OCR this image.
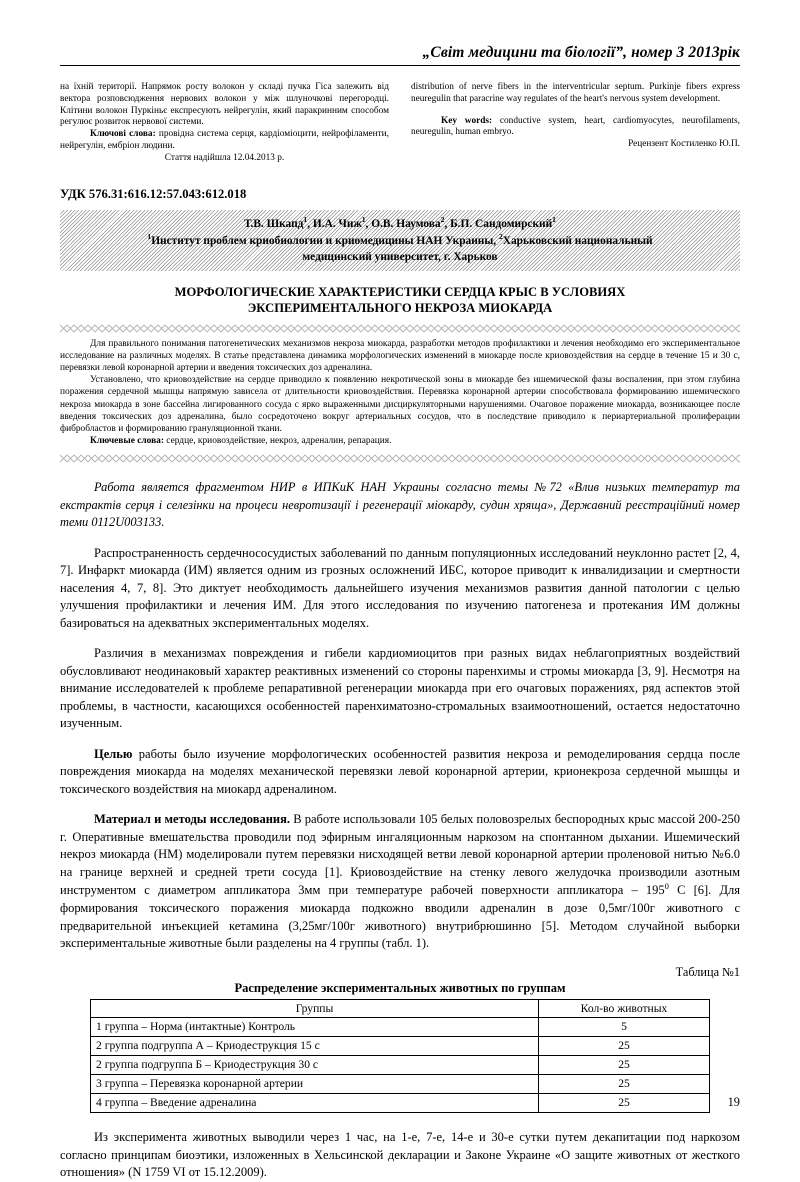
„Світ медицини та біології”, номер 3 2013рік

на їхній території. Напрямок росту волокон у складі пучка Гіса залежить від вектора розповсюдження нервових волокон у між шлуночкові перегородці. Клітини волокон Пуркіньє експресують нейрегулін, який паракринним способом регулює розвиток нервової системи.

Ключові слова: провідна система серця, кардіоміоцити, нейрофіламенти, нейрегулін, ембріон людини.

Стаття надійшла 12.04.2013 р.

distribution of nerve fibers in the interventricular septum. Purkinje fibers express neuregulin that paracrine way regulates of the heart's nervous system development.

Key words: conductive system, heart, cardiomyocytes, neurofilaments, neuregulin, human embryo.

Рецензент Костиленко Ю.П.

УДК 576.31:616.12:57.043:612.018
Т.В. Шкапд$^1$, И.А. Чиж$^1$, О.В. Наумова$^2$, Б.П. Сандомирский$^1$
$^1$Институт проблем криобиологии и криомедицины НАН Украины, $^2$Харьковский национальный
медицинский университет, г. Харьков
МОРФОЛОГИЧЕСКИЕ ХАРАКТЕРИСТИКИ СЕРДЦА КРЫС В УСЛОВИЯХ
ЭКСПЕРИМЕНТАЛЬНОГО НЕКРОЗА МИОКАРДА

Для правильного понимания патогенетических механизмов некроза миокарда, разработки методов профилактики и лечения необходимо его экспериментальное исследование на различных моделях. В статье представлена динамика морфологических изменений в миокарде после криовоздействия на сердце в течение 15 и 30 с, перевязки левой коронарной артерии и введения токсических доз адреналина.

Установлено, что криовоздействие на сердце приводило к появлению некротической зоны в миокарде без ишемической фазы воспаления, при этом глубина поражения сердечной мышцы напрямую зависела от длительности криовоздействия. Перевязка коронарной артерии способствовала формированию ишемического некроза миокарда в зоне бассейна лигированного сосуда с ярко выраженными дисциркуляторными нарушениями. Очаговое поражение миокарда, возникающее после введения токсических доз адреналина, было сосредоточено вокруг артериальных сосудов, что в последствие приводило к периартериальной пролиферации фибробластов и формированию грануляционной ткани.

Ключевые слова: сердце, криовоздействие, некроз, адреналин, репарация.

Работа является фрагментом НИР в ИПКиК НАН Украины согласно темы №72 «Влив низьких температур та екстрактів серця і селезінки на процеси невротизації і регенерації міокарду, судин хряща», Державний реєстраційний номер теми 0112U003133.

Распространенность сердечнососудистых заболеваний по данным популяционных исследований неуклонно растет [2, 4, 7]. Инфаркт миокарда (ИМ) является одним из грозных осложнений ИБС, которое приводит к инвалидизации и смертности населения 4, 7, 8]. Это диктует необходимость дальнейшего изучения механизмов развития данной патологии с целью улучшения профилактики и лечения ИМ. Для этого исследования по изучению патогенеза и протекания ИМ должны базироваться на адекватных экспериментальных моделях.

Различия в механизмах повреждения и гибели кардиомиоцитов при разных видах неблагоприятных воздействий обусловливают неодинаковый характер реактивных изменений со стороны паренхимы и стромы миокарда [3, 9]. Несмотря на внимание исследователей к проблеме репаративной регенерации миокарда при его очаговых поражениях, ряд аспектов этой проблемы, в частности, касающихся особенностей паренхиматозно-стромальных взаимоотношений, остается недостаточно изученным.

Целью работы было изучение морфологических особенностей развития некроза и ремоделирования сердца после повреждения миокарда на моделях механической перевязки левой коронарной артерии, крионекроза сердечной мышцы и токсического воздействия на миокард адреналином.

Материал и методы исследования. В работе использовали 105 белых половозрелых беспородных крыс массой 200-250 г. Оперативные вмешательства проводили под эфирным ингаляционным наркозом на спонтанном дыхании. Ишемический некроз миокарда (НМ) моделировали путем перевязки нисходящей ветви левой коронарной артерии проленовой нитью №6.0 на границе верхней и средней трети сосуда [1]. Криовоздействие на стенку левого желудочка производили азотным инструментом с диаметром аппликатора 3мм при температуре рабочей поверхности аппликатора – $195^0$ С [6]. Для формирования токсического поражения миокарда подкожно вводили адреналин в дозе 0,5мг/100г животного с предварительной инъекцией кетамина (3,25мг/100г животного) внутрибрюшинно [5]. Методом случайной выборки экспериментальные животные были разделены на 4 группы (табл. 1).

Таблица №1
Распределение экспериментальных животных по группам
Группы	Кол-во животных
1 группа – Норма (интактные) Контроль	5
2 группа подгруппа А – Криодеструкция 15 с	25
2 группа подгруппа Б – Криодеструкция 30 с	25
3 группа – Перевязка коронарной артерии	25
4 группа – Введение адреналина	25

Из эксперимента животных выводили через 1 час, на 1-е, 7-е, 14-е и 30-е сутки путем декапитации под наркозом согласно принципам биоэтики, изложенных в Хельсинской декларации и Законе Украине «О защите животных от жесткого отношения» (N 1759 VI от 15.12.2009).

19
